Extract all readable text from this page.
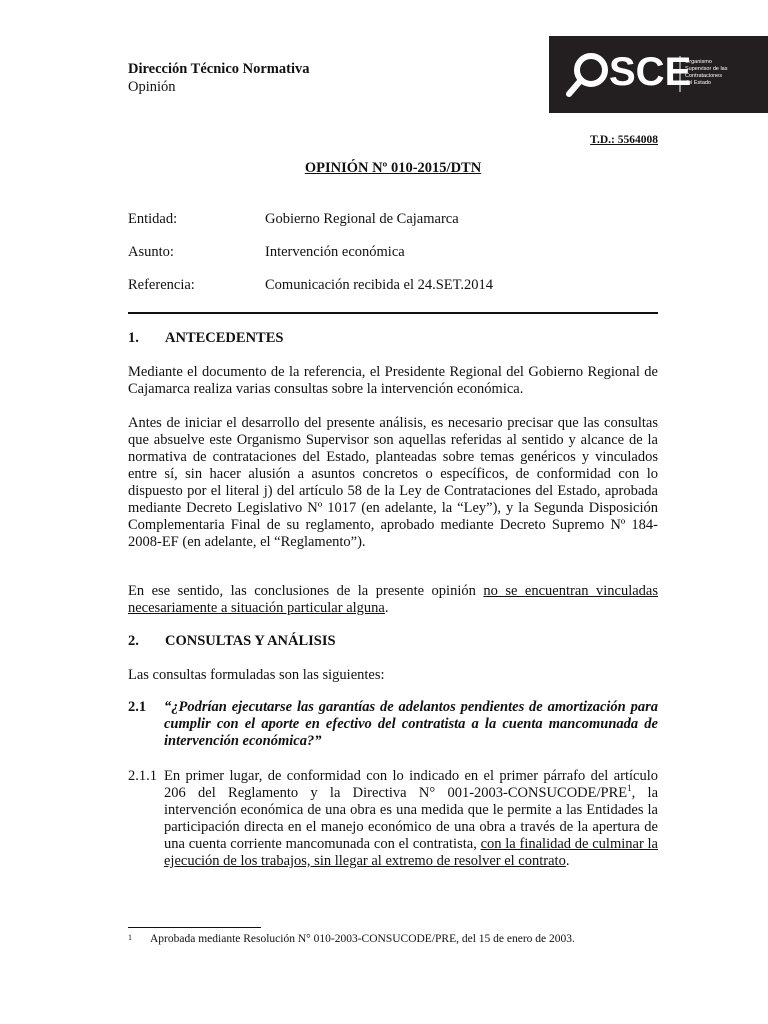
Dirección Técnico Normativa
Opinión	SCE
Organismo
Supervisor de las
Contrataciones
del Estado
T.D.: 5564008
OPINIÓN Nº 010-2015/DTN
Entidad:	Gobierno Regional de Cajamarca
Asunto:	Intervención económica
Referencia:	Comunicación recibida el 24.SET.2014
1. ANTECEDENTES
Mediante el documento de la referencia, el Presidente Regional del Gobierno Regional de Cajamarca realiza varias consultas sobre la intervención económica.
Antes de iniciar el desarrollo del presente análisis, es necesario precisar que las consultas que absuelve este Organismo Supervisor son aquellas referidas al sentido y alcance de la normativa de contrataciones del Estado, planteadas sobre temas genéricos y vinculados entre sí, sin hacer alusión a asuntos concretos o específicos, de conformidad con lo dispuesto por el literal j) del artículo 58 de la Ley de Contrataciones del Estado, aprobada mediante Decreto Legislativo Nº 1017 (en adelante, la “Ley”), y la Segunda Disposición Complementaria Final de su reglamento, aprobado mediante Decreto Supremo Nº 184-2008-EF (en adelante, el “Reglamento”).
En ese sentido, las conclusiones de la presente opinión no se encuentran vinculadas necesariamente a situación particular alguna.
2. CONSULTAS Y ANÁLISIS
Las consultas formuladas son las siguientes:
2.1 “¿Podrían ejecutarse las garantías de adelantos pendientes de amortización para cumplir con el aporte en efectivo del contratista a la cuenta mancomunada de intervención económica?”
2.1.1 En primer lugar, de conformidad con lo indicado en el primer párrafo del artículo 206 del Reglamento y la Directiva N° 001-2003-CONSUCODE/PRE$^1$, la intervención económica de una obra es una medida que le permite a las Entidades la participación directa en el manejo económico de una obra a través de la apertura de una cuenta corriente mancomunada con el contratista, con la finalidad de culminar la ejecución de los trabajos, sin llegar al extremo de resolver el contrato.
1 Aprobada mediante Resolución N° 010-2003-CONSUCODE/PRE, del 15 de enero de 2003.
